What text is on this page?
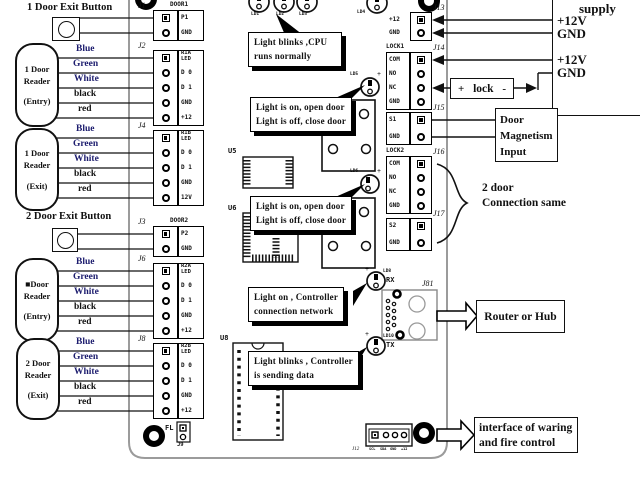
1 Door Exit Button
2 Door Exit Button
1 Door
Reader
(Entry)
1 Door
Reader
(Exit)
■Door
Reader
(Entry)
2 Door
Reader
(Exit)
P1
GND
J1	DOOR1
R1A
LED
D 0
D 1
GND
+12
J2
R1B
LED
D 0
D 1
GND
12V
J4
P2
GND
J3	DOOR2
R2A
LED
D 0
D 1
GND
+12
J6
R2B
LED
D 0
D 1
GND
+12
J8
+12
GND
J13
COM
NO
NC
GND
J14
LOCK1
S1
GND
J15
COM
NO
NC
GND
J16
LOCK2
S2
GND
J17
Blue
Green
White
black
red
Blue
Green
White
black
red
Blue
Green
White
black
red
Blue
Green
White
black
red
Light blinks ,CPU
runs normally
Light is on, open door
Light is off, close door
Light is on, open door
Light is off, close door
Light on , Controller
connection network
Light blinks , Controller
is sending data
LD1	LD2	LD3	LD4
LD5	+
LD6	+
LD8
+
RX
LD10
+
TX
U5
U6
U8
FL
J9
J81
J12	SCL SDA GND +12
supply
+12V
GND
+12V
GND
+ lock -
Door
Magnetism
Input
2 door
Connection same
Router or Hub
interface of waring
and fire control
